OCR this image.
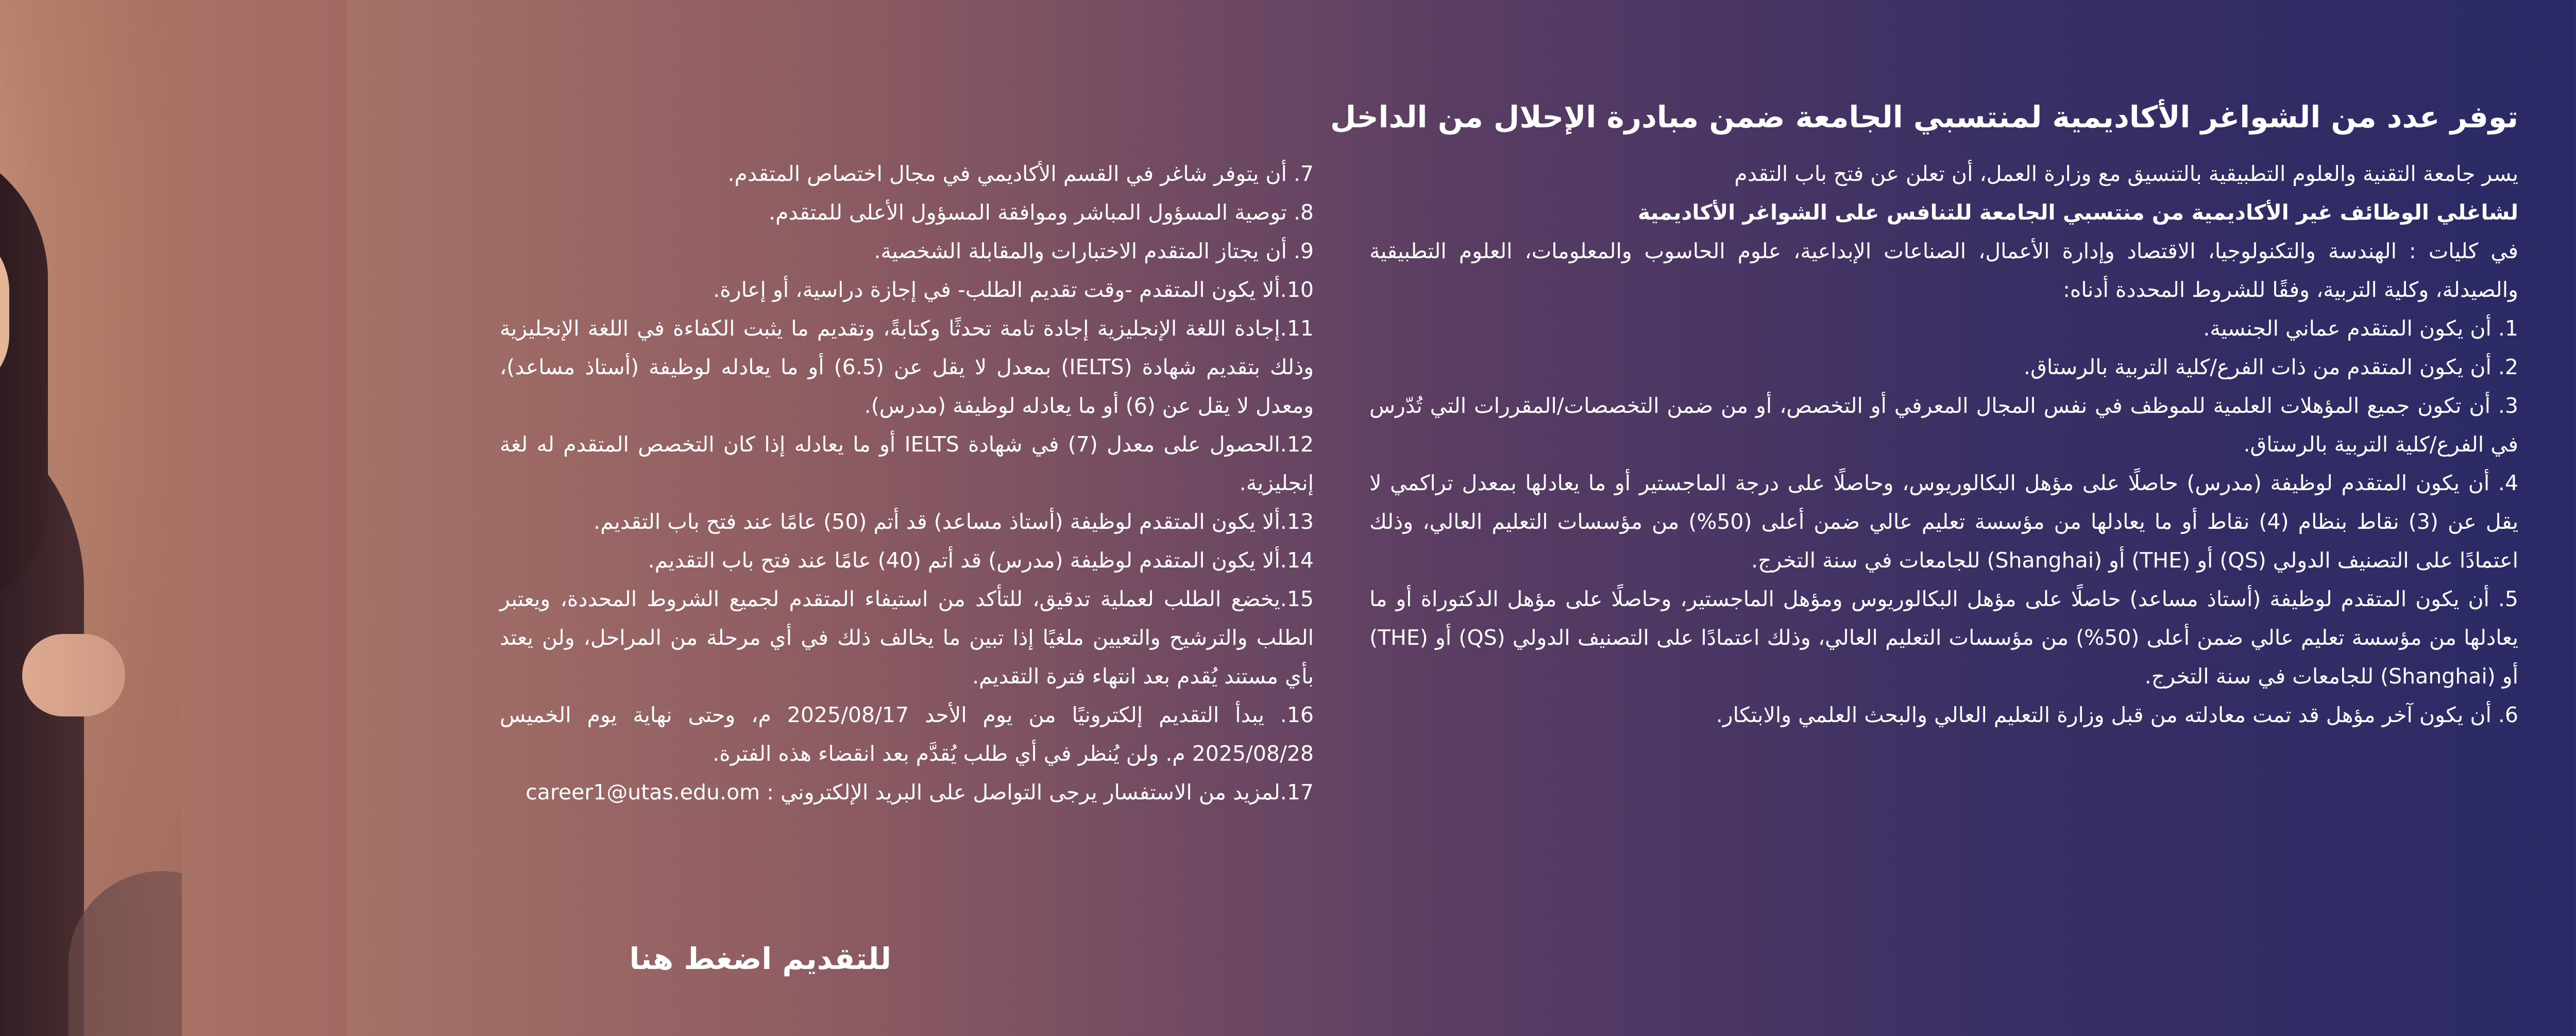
توفر عدد من الشواغر الأكاديمية لمنتسبي الجامعة ضمن مبادرة الإحلال من الداخل

يسر جامعة التقنية والعلوم التطبيقية بالتنسيق مع وزارة العمل، أن تعلن عن فتح باب التقدم

لشاغلي الوظائف غير الأكاديمية من منتسبي الجامعة للتنافس على الشواغر الأكاديمية

في كليات : الهندسة والتكنولوجيا، الاقتصاد وإدارة الأعمال، الصناعات الإبداعية، علوم الحاسوب والمعلومات، العلوم التطبيقية والصيدلة، وكلية التربية، وفقًا للشروط المحددة أدناه:

1. أن يكون المتقدم عماني الجنسية.

2. أن يكون المتقدم من ذات الفرع/كلية التربية بالرستاق.

3. أن تكون جميع المؤهلات العلمية للموظف في نفس المجال المعرفي أو التخصص، أو من ضمن التخصصات/المقررات التي تُدّرس في الفرع/كلية التربية بالرستاق.

4. أن يكون المتقدم لوظيفة (مدرس) حاصلًا على مؤهل البكالوريوس، وحاصلًا على درجة الماجستير أو ما يعادلها بمعدل تراكمي لا يقل عن (3) نقاط بنظام (4) نقاط أو ما يعادلها من مؤسسة تعليم عالي ضمن أعلى (50%) من مؤسسات التعليم العالي، وذلك اعتمادًا على التصنيف الدولي (QS) أو (THE) أو (Shanghai) للجامعات في سنة التخرج.

5. أن يكون المتقدم لوظيفة (أستاذ مساعد) حاصلًا على مؤهل البكالوريوس ومؤهل الماجستير، وحاصلًا على مؤهل الدكتوراة أو ما يعادلها من مؤسسة تعليم عالي ضمن أعلى (50%) من مؤسسات التعليم العالي، وذلك اعتمادًا على التصنيف الدولي (QS) أو (THE) أو (Shanghai) للجامعات في سنة التخرج.

6. أن يكون آخر مؤهل قد تمت معادلته من قبل وزارة التعليم العالي والبحث العلمي والابتكار.

7. أن يتوفر شاغر في القسم الأكاديمي في مجال اختصاص المتقدم.

8. توصية المسؤول المباشر وموافقة المسؤول الأعلى للمتقدم.

9. أن يجتاز المتقدم الاختبارات والمقابلة الشخصية.

10.ألا يكون المتقدم -وقت تقديم الطلب- في إجازة دراسية، أو إعارة.

11.إجادة اللغة الإنجليزية إجادة تامة تحدثًا وكتابةً، وتقديم ما يثبت الكفاءة في اللغة الإنجليزية وذلك بتقديم شهادة (IELTS) بمعدل لا يقل عن (6.5) أو ما يعادله لوظيفة (أستاذ مساعد)، ومعدل لا يقل عن (6) أو ما يعادله لوظيفة (مدرس).

12.الحصول على معدل (7) في شهادة IELTS أو ما يعادله إذا كان التخصص المتقدم له لغة إنجليزية.

13.ألا يكون المتقدم لوظيفة (أستاذ مساعد) قد أتم (50) عامًا عند فتح باب التقديم.

14.ألا يكون المتقدم لوظيفة (مدرس) قد أتم (40) عامًا عند فتح باب التقديم.

15.يخضع الطلب لعملية تدقيق، للتأكد من استيفاء المتقدم لجميع الشروط المحددة، ويعتبر الطلب والترشيح والتعيين ملغيًا إذا تبين ما يخالف ذلك في أي مرحلة من المراحل، ولن يعتد بأي مستند يُقدم بعد انتهاء فترة التقديم.

16. يبدأ التقديم إلكترونيًا من يوم الأحد 2025/08/17 م، وحتى نهاية يوم الخميس 2025/08/28 م. ولن يُنظر في أي طلب يُقدَّم بعد انقضاء هذه الفترة.

17.لمزيد من الاستفسار يرجى التواصل على البريد الإلكتروني : career1@utas.edu.om

للتقديم اضغط هنا
